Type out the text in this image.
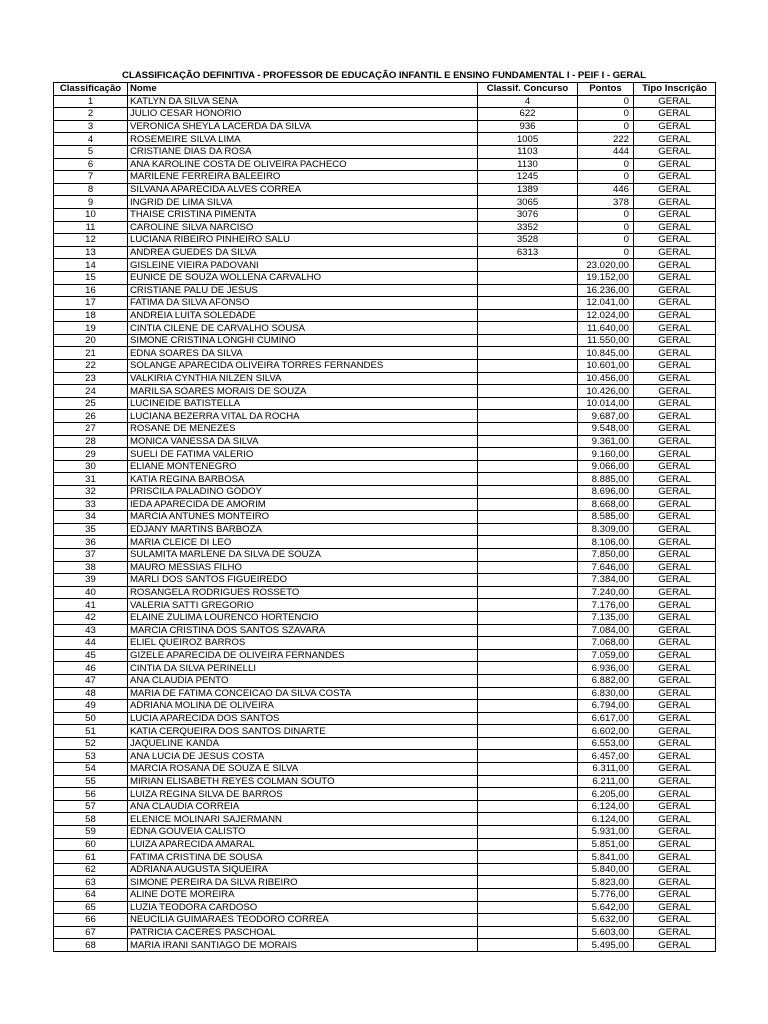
CLASSIFICAÇÃO DEFINITIVA - PROFESSOR DE EDUCAÇÃO INFANTIL E ENSINO FUNDAMENTAL I - PEIF I - GERAL
Classificação	Nome	Classif. Concurso	Pontos	Tipo Inscrição
1	KATLYN DA SILVA SENA	4	0	GERAL
2	JULIO CESAR HONORIO	622	0	GERAL
3	VERONICA SHEYLA LACERDA DA SILVA	936	0	GERAL
4	ROSEMEIRE SILVA LIMA	1005	222	GERAL
5	CRISTIANE DIAS DA ROSA	1103	444	GERAL
6	ANA KAROLINE COSTA DE OLIVEIRA PACHECO	1130	0	GERAL
7	MARILENE FERREIRA BALEEIRO	1245	0	GERAL
8	SILVANA APARECIDA ALVES CORREA	1389	446	GERAL
9	INGRID DE LIMA SILVA	3065	378	GERAL
10	THAISE CRISTINA PIMENTA	3076	0	GERAL
11	CAROLINE SILVA NARCISO	3352	0	GERAL
12	LUCIANA RIBEIRO PINHEIRO SALU	3528	0	GERAL
13	ANDREA GUEDES DA SILVA	6313	0	GERAL
14	GISLEINE VIEIRA PADOVANI		23.020,00	GERAL
15	EUNICE DE SOUZA WOLLENA CARVALHO		19.152,00	GERAL
16	CRISTIANE PALU DE JESUS		16.236,00	GERAL
17	FATIMA DA SILVA AFONSO		12.041,00	GERAL
18	ANDREIA LUITA SOLEDADE		12.024,00	GERAL
19	CINTIA CILENE DE CARVALHO SOUSA		11.640,00	GERAL
20	SIMONE CRISTINA LONGHI CUMINO		11.550,00	GERAL
21	EDNA SOARES DA SILVA		10.845,00	GERAL
22	SOLANGE APARECIDA OLIVEIRA TORRES FERNANDES		10.601,00	GERAL
23	VALKIRIA CYNTHIA NILZEN SILVA		10.456,00	GERAL
24	MARILSA SOARES MORAIS DE SOUZA		10.426,00	GERAL
25	LUCINEIDE BATISTELLA		10.014,00	GERAL
26	LUCIANA BEZERRA VITAL DA ROCHA		9.687,00	GERAL
27	ROSANE DE MENEZES		9.548,00	GERAL
28	MONICA VANESSA DA SILVA		9.361,00	GERAL
29	SUELI DE FATIMA VALERIO		9.160,00	GERAL
30	ELIANE MONTENEGRO		9.066,00	GERAL
31	KATIA REGINA BARBOSA		8.885,00	GERAL
32	PRISCILA PALADINO GODOY		8.696,00	GERAL
33	IEDA APARECIDA DE AMORIM		8.668,00	GERAL
34	MARCIA ANTUNES MONTEIRO		8.585,00	GERAL
35	EDJANY MARTINS BARBOZA		8.309,00	GERAL
36	MARIA CLEICE DI LEO		8.106,00	GERAL
37	SULAMITA MARLENE DA SILVA DE SOUZA		7.850,00	GERAL
38	MAURO MESSIAS FILHO		7.646,00	GERAL
39	MARLI DOS SANTOS FIGUEIREDO		7.384,00	GERAL
40	ROSANGELA RODRIGUES ROSSETO		7.240,00	GERAL
41	VALERIA SATTI GREGORIO		7.176,00	GERAL
42	ELAINE ZULIMA LOURENCO HORTENCIO		7.135,00	GERAL
43	MARCIA CRISTINA DOS SANTOS SZAVARA		7.084,00	GERAL
44	ELIEL QUEIROZ BARROS		7.068,00	GERAL
45	GIZELE APARECIDA DE OLIVEIRA FERNANDES		7.059,00	GERAL
46	CINTIA DA SILVA PERINELLI		6.936,00	GERAL
47	ANA CLAUDIA PENTO		6.882,00	GERAL
48	MARIA DE FATIMA CONCEICAO DA SILVA COSTA		6.830,00	GERAL
49	ADRIANA MOLINA DE OLIVEIRA		6.794,00	GERAL
50	LUCIA APARECIDA DOS SANTOS		6.617,00	GERAL
51	KATIA CERQUEIRA DOS SANTOS DINARTE		6.602,00	GERAL
52	JAQUELINE KANDA		6.553,00	GERAL
53	ANA LUCIA DE JESUS COSTA		6.457,00	GERAL
54	MARCIA ROSANA DE SOUZA E SILVA		6.311,00	GERAL
55	MIRIAN ELISABETH REYES COLMAN SOUTO		6.211,00	GERAL
56	LUIZA REGINA SILVA DE BARROS		6.205,00	GERAL
57	ANA CLAUDIA CORREIA		6.124,00	GERAL
58	ELENICE MOLINARI SAJERMANN		6.124,00	GERAL
59	EDNA GOUVEIA CALISTO		5.931,00	GERAL
60	LUIZA APARECIDA AMARAL		5.851,00	GERAL
61	FATIMA CRISTINA DE SOUSA		5.841,00	GERAL
62	ADRIANA AUGUSTA SIQUEIRA		5.840,00	GERAL
63	SIMONE PEREIRA DA SILVA RIBEIRO		5.823,00	GERAL
64	ALINE DOTE MOREIRA		5.776,00	GERAL
65	LUZIA TEODORA CARDOSO		5.642,00	GERAL
66	NEUCILIA GUIMARAES TEODORO CORREA		5.632,00	GERAL
67	PATRICIA CACERES PASCHOAL		5.603,00	GERAL
68	MARIA IRANI SANTIAGO DE MORAIS		5.495,00	GERAL
